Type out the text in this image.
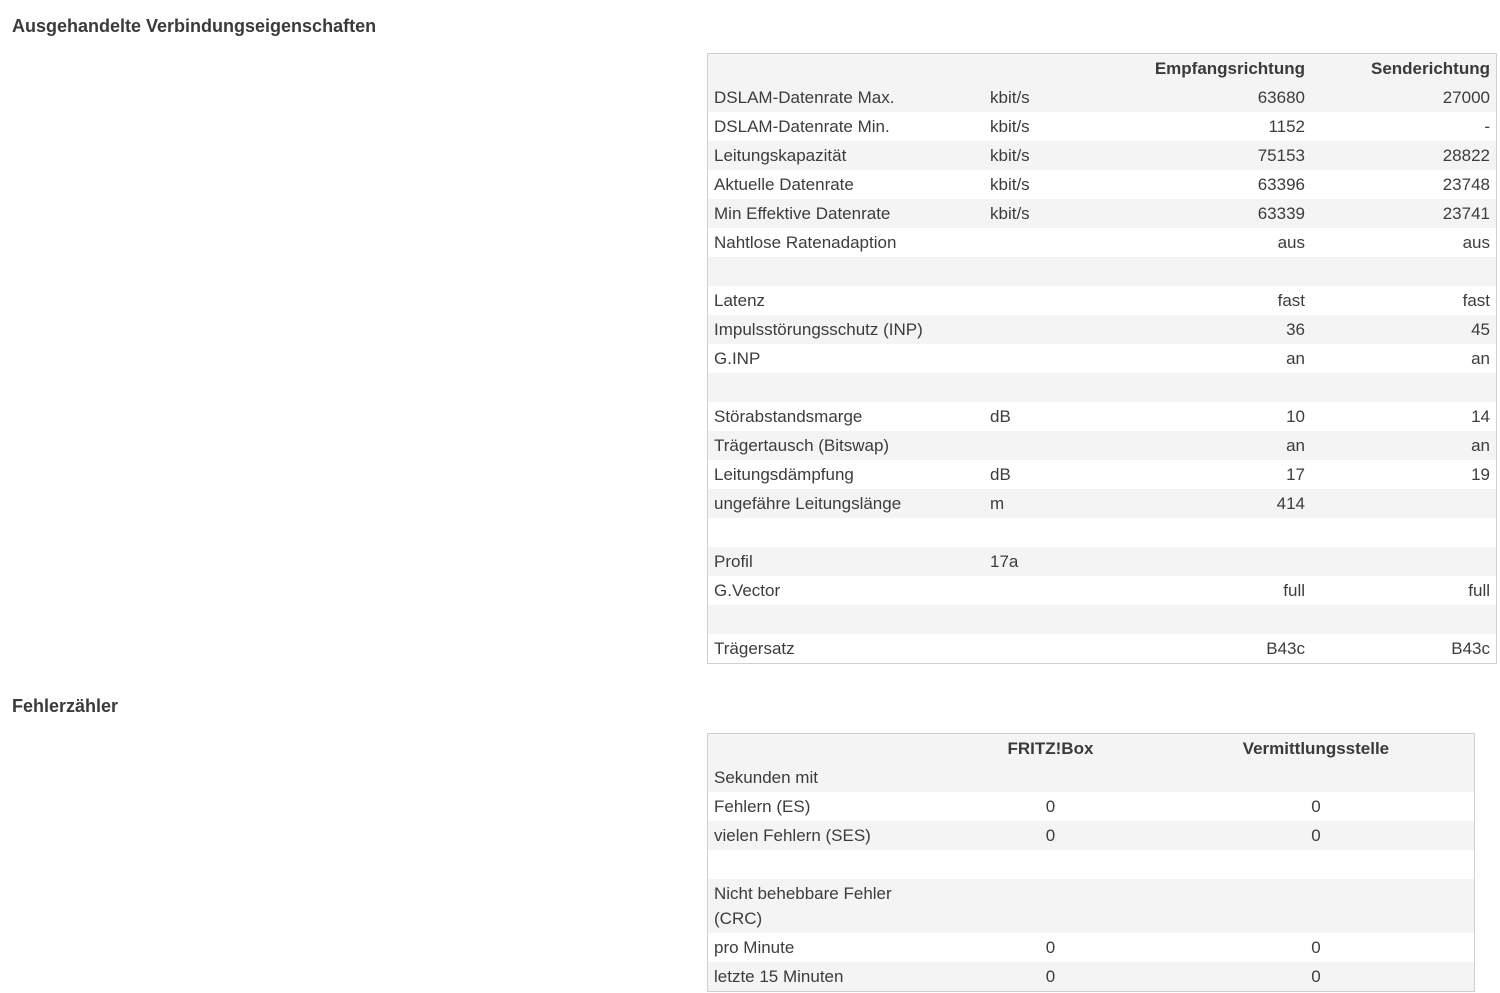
Ausgehandelte Verbindungseigenschaften
		Empfangsrichtung	Senderichtung
DSLAM-Datenrate Max.	kbit/s	63680	27000
DSLAM-Datenrate Min.	kbit/s	1152	-
Leitungskapazität	kbit/s	75153	28822
Aktuelle Datenrate	kbit/s	63396	23748
Min Effektive Datenrate	kbit/s	63339	23741
Nahtlose Ratenadaption		aus	aus

Latenz		fast	fast
Impulsstörungsschutz (INP)		36	45
G.INP		an	an

Störabstandsmarge	dB	10	14
Trägertausch (Bitswap)		an	an
Leitungsdämpfung	dB	17	19
ungefähre Leitungslänge	m	414	

Profil	17a		
G.Vector		full	full

Trägersatz		B43c	B43c
Fehlerzähler
	FRITZ!Box	Vermittlungsstelle
Sekunden mit		
Fehlern (ES)	0	0
vielen Fehlern (SES)	0	0

Nicht behebbare Fehler (CRC)		
pro Minute	0	0
letzte 15 Minuten	0	0
